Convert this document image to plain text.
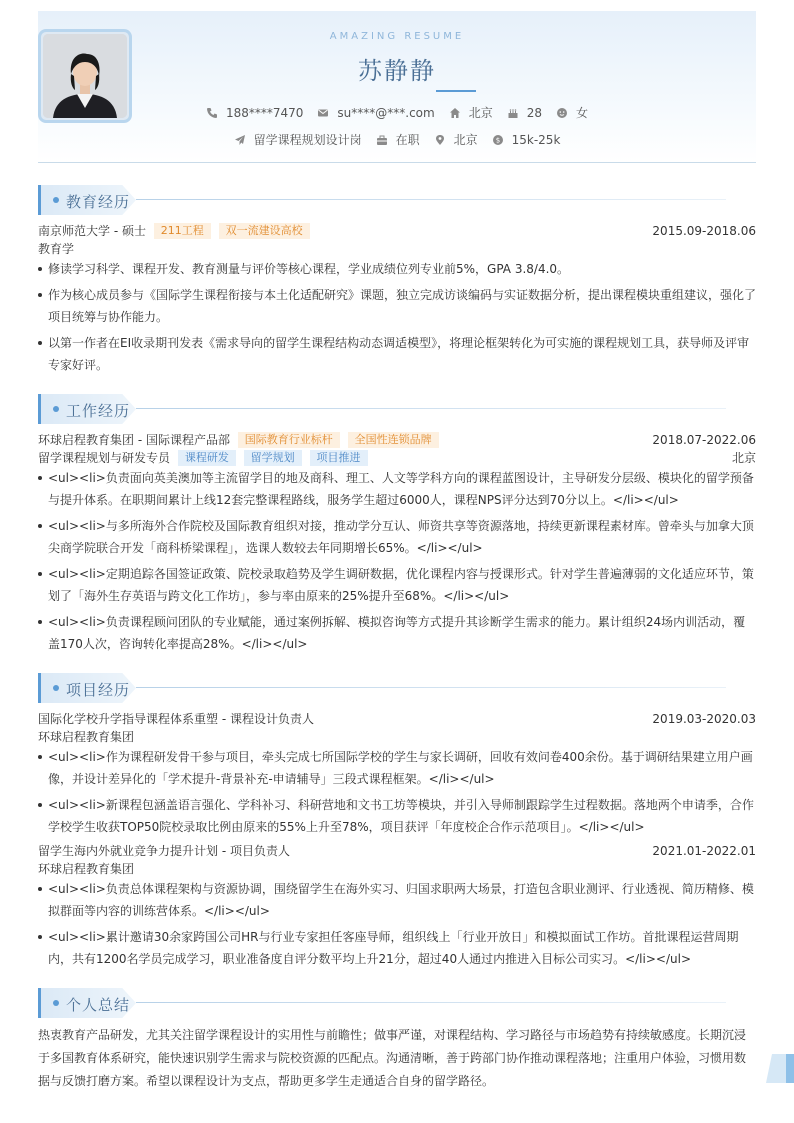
AMAZING RESUME
苏静静
188****7470	su****@***.com	北京	28	女
留学课程规划设计岗	在职	北京	$ 15k-25k
教育经历
南京师范大学 - 硕士 211工程 双一流建设高校	2015.09-2018.06
教育学
修读学习科学、课程开发、教育测量与评价等核心课程，学业成绩位列专业前5%，GPA 3.8/4.0。
作为核心成员参与《国际学生课程衔接与本土化适配研究》课题，独立完成访谈编码与实证数据分析，提出课程模块重组建议，强化了项目统筹与协作能力。
以第一作者在EI收录期刊发表《需求导向的留学生课程结构动态调适模型》，将理论框架转化为可实施的课程规划工具，获导师及评审专家好评。
工作经历
环球启程教育集团 - 国际课程产品部 国际教育行业标杆 全国性连锁品牌	2018.07-2022.06
留学课程规划与研发专员 课程研发 留学规划 项目推进	北京
<ul><li>负责面向英美澳加等主流留学目的地及商科、理工、人文等学科方向的课程蓝图设计，主导研发分层级、模块化的留学预备与提升体系。在职期间累计上线12套完整课程路线，服务学生超过6000人，课程NPS评分达到70分以上。</li></ul>
<ul><li>与多所海外合作院校及国际教育组织对接，推动学分互认、师资共享等资源落地，持续更新课程素材库。曾牵头与加拿大顶尖商学院联合开发「商科桥梁课程」，选课人数较去年同期增长65%。</li></ul>
<ul><li>定期追踪各国签证政策、院校录取趋势及学生调研数据，优化课程内容与授课形式。针对学生普遍薄弱的文化适应环节，策划了「海外生存英语与跨文化工作坊」，参与率由原来的25%提升至68%。</li></ul>
<ul><li>负责课程顾问团队的专业赋能，通过案例拆解、模拟咨询等方式提升其诊断学生需求的能力。累计组织24场内训活动，覆盖170人次，咨询转化率提高28%。</li></ul>
项目经历
国际化学校升学指导课程体系重塑 - 课程设计负责人	2019.03-2020.03
环球启程教育集团
<ul><li>作为课程研发骨干参与项目，牵头完成七所国际学校的学生与家长调研，回收有效问卷400余份。基于调研结果建立用户画像，并设计差异化的「学术提升-背景补充-申请辅导」三段式课程框架。</li></ul>
<ul><li>新课程包涵盖语言强化、学科补习、科研营地和文书工坊等模块，并引入导师制跟踪学生过程数据。落地两个申请季，合作学校学生收获TOP50院校录取比例由原来的55%上升至78%，项目获评「年度校企合作示范项目」。</li></ul>
留学生海内外就业竞争力提升计划 - 项目负责人	2021.01-2022.01
环球启程教育集团
<ul><li>负责总体课程架构与资源协调，围绕留学生在海外实习、归国求职两大场景，打造包含职业测评、行业透视、简历精修、模拟群面等内容的训练营体系。</li></ul>
<ul><li>累计邀请30余家跨国公司HR与行业专家担任客座导师，组织线上「行业开放日」和模拟面试工作坊。首批课程运营周期内，共有1200名学员完成学习，职业准备度自评分数平均上升21分，超过40人通过内推进入目标公司实习。</li></ul>
个人总结
热衷教育产品研发，尤其关注留学课程设计的实用性与前瞻性；做事严谨，对课程结构、学习路径与市场趋势有持续敏感度。长期沉浸于多国教育体系研究，能快速识别学生需求与院校资源的匹配点。沟通清晰，善于跨部门协作推动课程落地；注重用户体验，习惯用数据与反馈打磨方案。希望以课程设计为支点，帮助更多学生走通适合自身的留学路径。
